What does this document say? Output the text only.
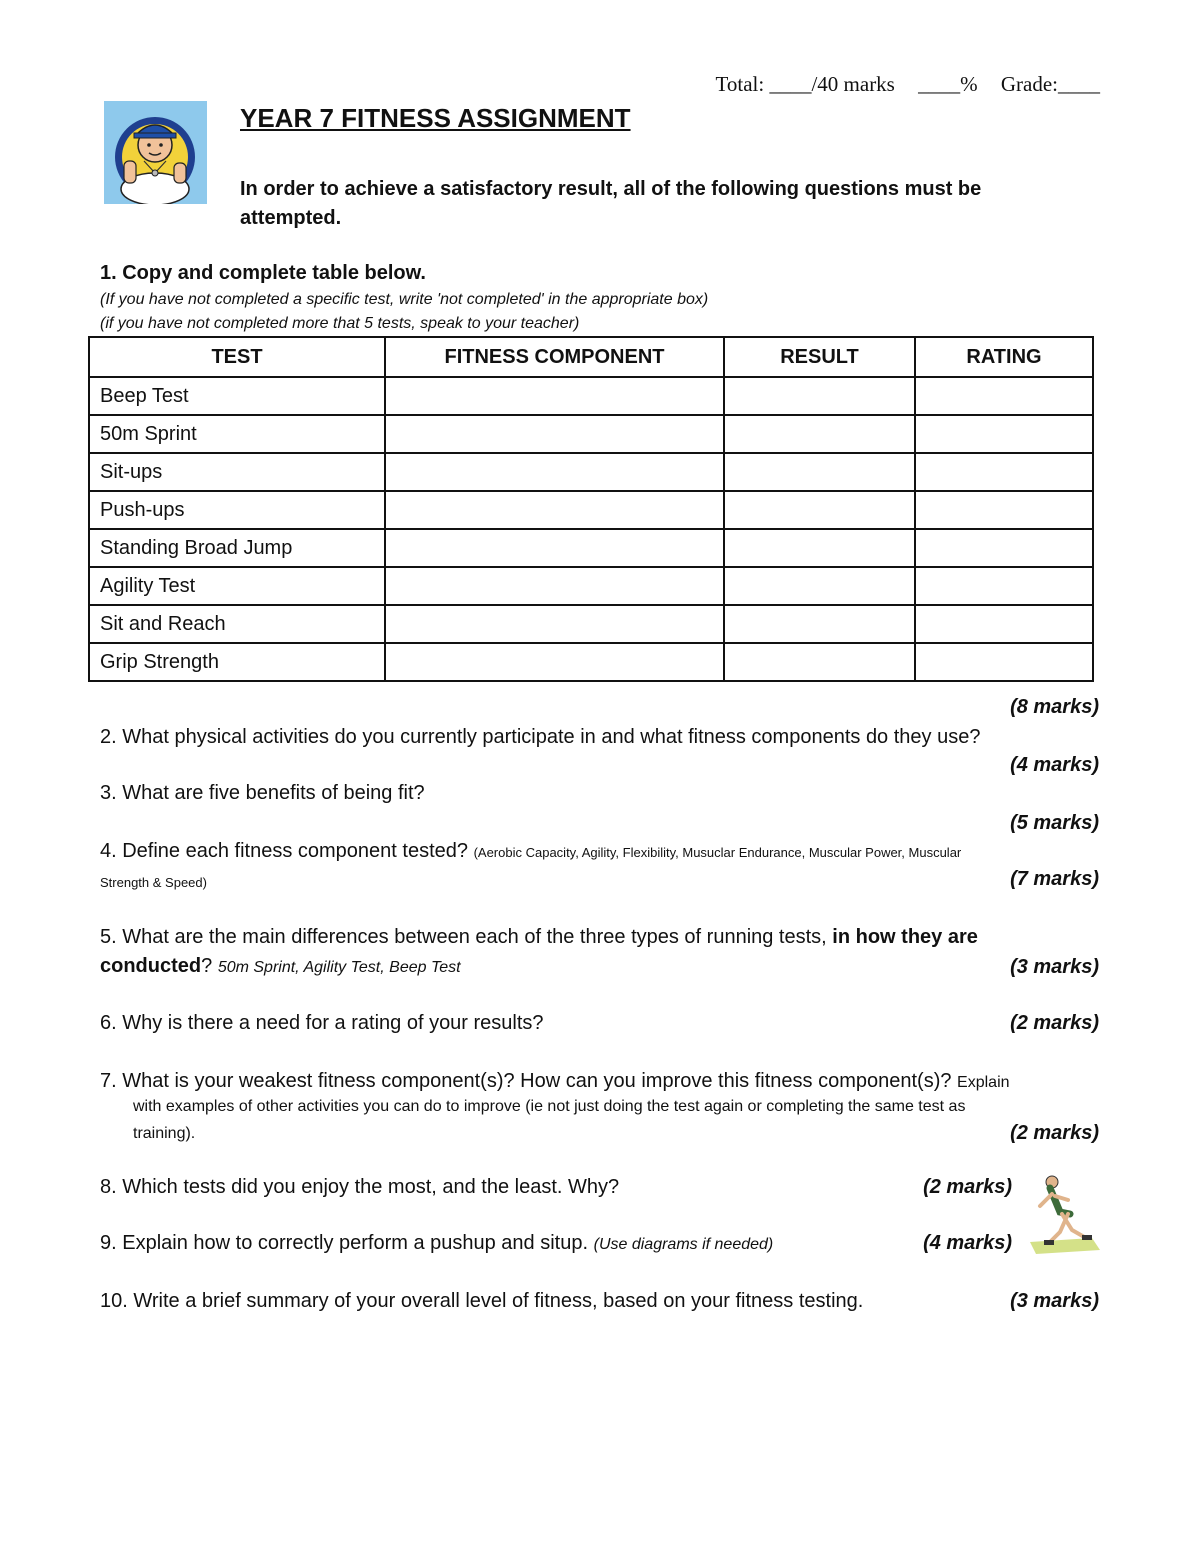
Total: ____/40 marks ____% Grade:____
YEAR 7 FITNESS ASSIGNMENT
In order to achieve a satisfactory result, all of the following questions must be attempted.
1. Copy and complete table below.
(If you have not completed a specific test, write 'not completed' in the appropriate box)
(if you have not completed more that 5 tests, speak to your teacher)
TEST	FITNESS COMPONENT	RESULT	RATING
Beep Test			
50m Sprint			
Sit-ups			
Push-ups			
Standing Broad Jump			
Agility Test			
Sit and Reach			
Grip Strength			
(8 marks)
2. What physical activities do you currently participate in and what fitness components do they use?
(4 marks)
3. What are five benefits of being fit?
(5 marks)
4. Define each fitness component tested? (Aerobic Capacity, Agility, Flexibility, Musuclar Endurance, Muscular Power, Muscular
Strength & Speed)	(7 marks)
5. What are the main differences between each of the three types of running tests, in how they are
conducted? 50m Sprint, Agility Test, Beep Test	(3 marks)
6. Why is there a need for a rating of your results?	(2 marks)
7. What is your weakest fitness component(s)? How can you improve this fitness component(s)? Explain
with examples of other activities you can do to improve (ie not just doing the test again or completing the same test as
training).	(2 marks)
8. Which tests did you enjoy the most, and the least. Why?	(2 marks)
9. Explain how to correctly perform a pushup and situp. (Use diagrams if needed)	(4 marks)
10. Write a brief summary of your overall level of fitness, based on your fitness testing.	(3 marks)
